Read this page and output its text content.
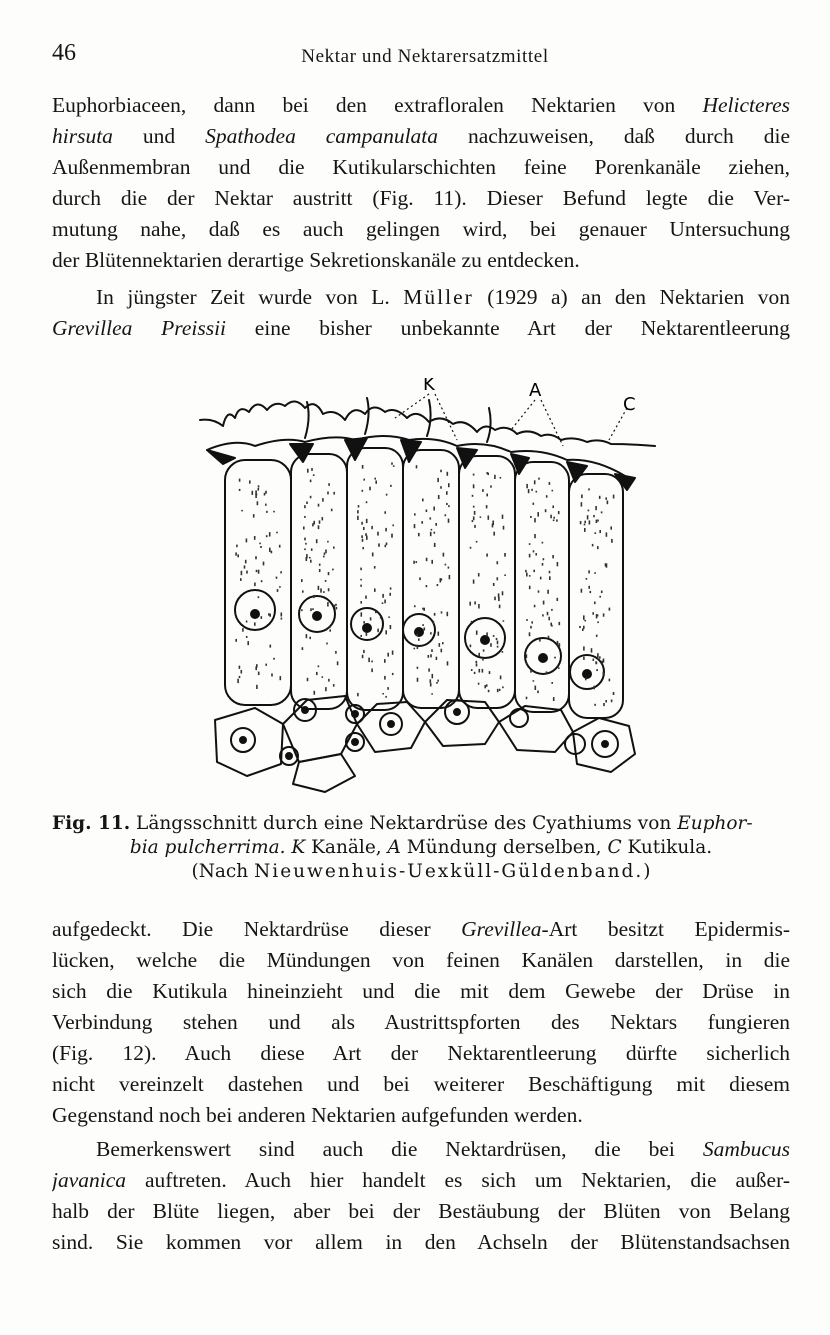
46	Nektar und Nektarersatzmittel
Euphorbiaceen, dann bei den extrafloralen Nektarien von Helicteres
hirsuta und Spathodea campanulata nachzuweisen, daß durch die
Außenmembran und die Kutikularschichten feine Porenkanäle ziehen,
durch die der Nektar austritt (Fig. 11). Dieser Befund legte die Ver-
mutung nahe, daß es auch gelingen wird, bei genauer Untersuchung
der Blütennektarien derartige Sekretionskanäle zu entdecken.
In jüngster Zeit wurde von L. Müller (1929 a) an den Nektarien von
Grevillea Preissii eine bisher unbekannte Art der Nektarentleerung
K	A
C
Fig. 11. Längsschnitt durch eine Nektardrüse des Cyathiums von Euphor-
bia pulcherrima. K Kanäle, A Mündung derselben, C Kutikula.
(Nach Nieuwenhuis-Uexküll-Güldenband.)
aufgedeckt. Die Nektardrüse dieser Grevillea-Art besitzt Epidermis-
lücken, welche die Mündungen von feinen Kanälen darstellen, in die
sich die Kutikula hineinzieht und die mit dem Gewebe der Drüse in
Verbindung stehen und als Austrittspforten des Nektars fungieren
(Fig. 12). Auch diese Art der Nektarentleerung dürfte sicherlich
nicht vereinzelt dastehen und bei weiterer Beschäftigung mit diesem
Gegenstand noch bei anderen Nektarien aufgefunden werden.
Bemerkenswert sind auch die Nektardrüsen, die bei Sambucus
javanica auftreten. Auch hier handelt es sich um Nektarien, die außer-
halb der Blüte liegen, aber bei der Bestäubung der Blüten von Belang
sind. Sie kommen vor allem in den Achseln der Blütenstandsachsen
